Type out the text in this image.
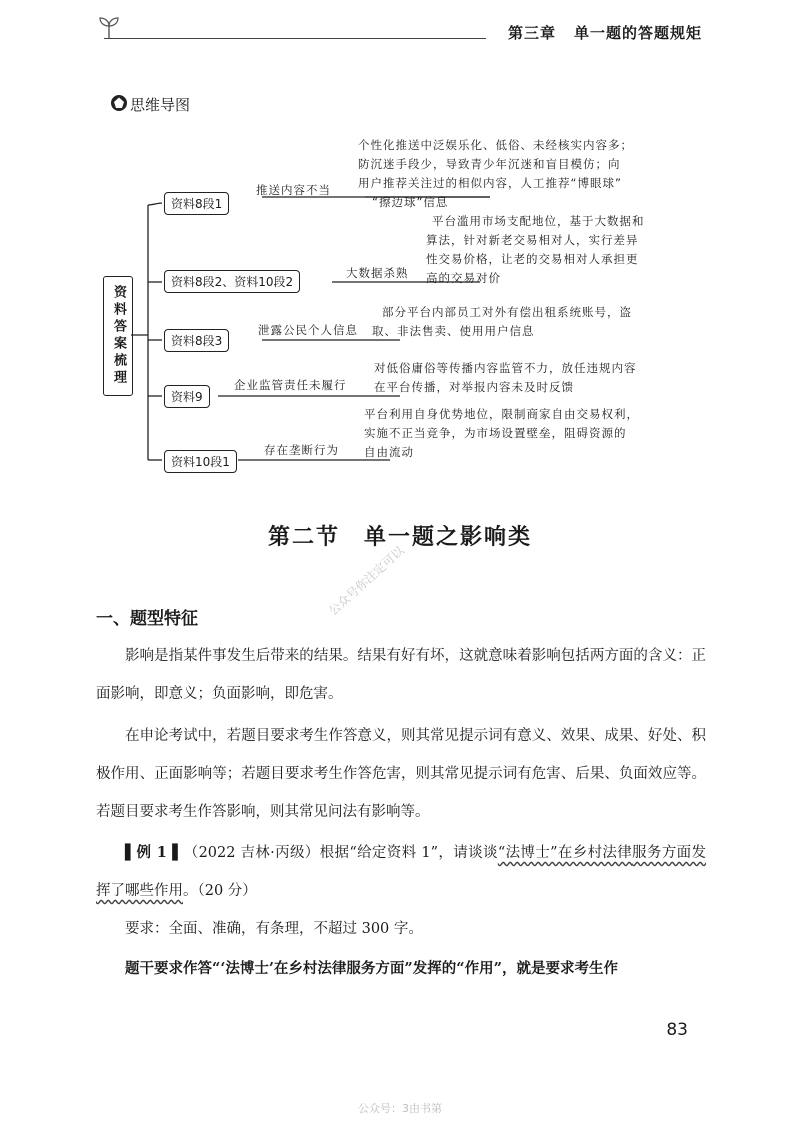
第三章 单一题的答题规矩
思维导图
资料答案梳理
资料8段1
推送内容不当
个性化推送中泛娱乐化、低俗、未经核实内容多；
防沉迷手段少，导致青少年沉迷和盲目模仿；向
用户推荐关注过的相似内容，人工推荐“博眼球”
“擦边球”信息
资料8段2、资料10段2
大数据杀熟
平台滥用市场支配地位，基于大数据和
算法，针对新老交易相对人，实行差异
性交易价格，让老的交易相对人承担更
高的交易对价
资料8段3
泄露公民个人信息
部分平台内部员工对外有偿出租系统账号，盗
取、非法售卖、使用用户信息
资料9
企业监管责任未履行
对低俗庸俗等传播内容监管不力，放任违规内容
在平台传播，对举报内容未及时反馈
资料10段1
存在垄断行为
平台利用自身优势地位，限制商家自由交易权利，
实施不正当竞争，为市场设置壁垒，阻碍资源的
自由流动
第二节　单一题之影响类
公众号你注定可以
一、题型特征
影响是指某件事发生后带来的结果。结果有好有坏，这就意味着影响包括两方面的含义：正面影响，即意义；负面影响，即危害。
在申论考试中，若题目要求考生作答意义，则其常见提示词有意义、效果、成果、好处、积极作用、正面影响等；若题目要求考生作答危害，则其常见提示词有危害、后果、负面效应等。若题目要求考生作答影响，则其常见问法有影响等。
▌例 1 ▌（2022 吉林·丙级）根据“给定资料 1”，请谈谈“法博士”在乡村法律服务方面发挥了哪些作用。（20 分）
要求：全面、准确，有条理，不超过 300 字。
题干要求作答“‘法博士’在乡村法律服务方面”发挥的“作用”，就是要求考生作
83
公众号：3由书第
